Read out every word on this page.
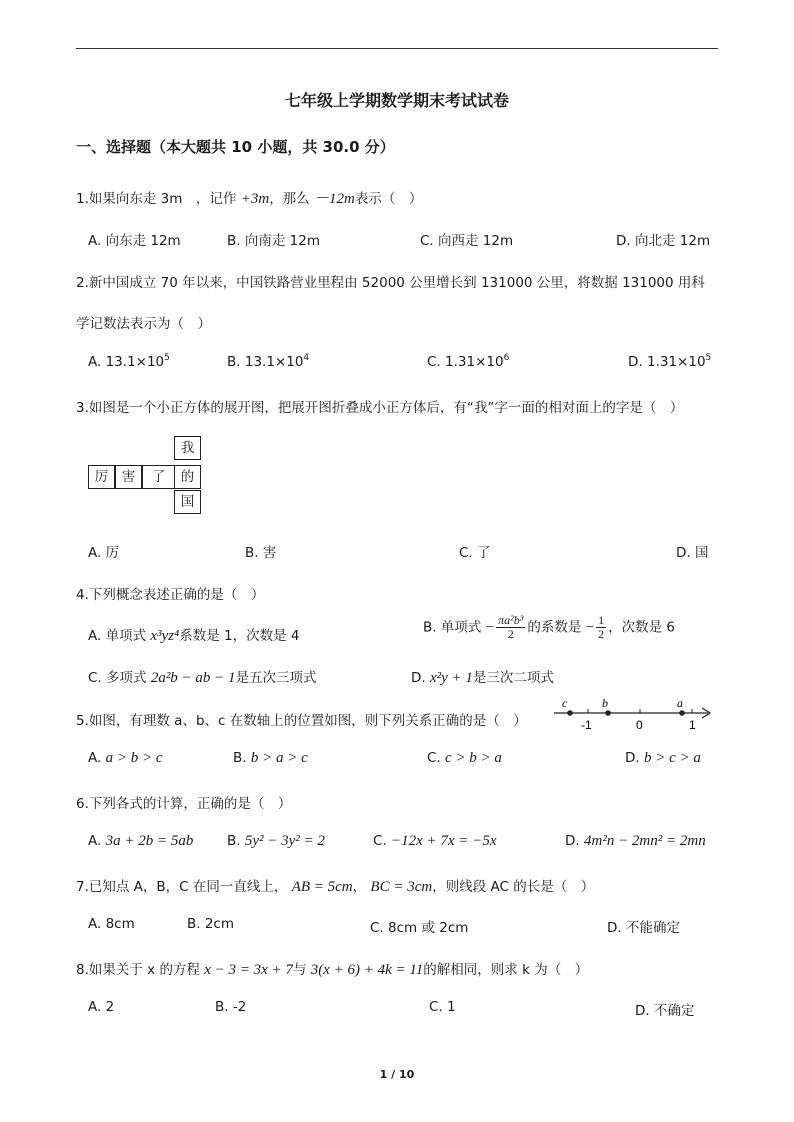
七年级上学期数学期末考试试卷
一、选择题（本大题共 10 小题，共 30.0 分）
1.如果向东走 3m　，记作 +3m，那么 －12m表示（　）
A. 向东走 12m	B. 向南走 12m	C. 向西走 12m	D. 向北走 12m
2.新中国成立 70 年以来，中国铁路营业里程由 52000 公里增长到 131000 公里，将数据 131000 用科
学记数法表示为（　）
A. $13.1\times 10^5$	B. $13.1\times 10^4$	C. $1.31\times 10^6$	D. $1.31\times 10^5$
3.如图是一个小正方体的展开图，把展开图折叠成小正方体后，有“我”字一面的相对面上的字是（　）
我
厉	害	了	的
国
A. 厉	B. 害	C. 了	D. 国
4.下列概念表述正确的是（　）
A. 单项式 x³yz⁴系数是 1，次数是 4
B. 单项式 − $\frac{\text{πa²b³}}{2}$ 的系数是 − $\frac{1}{2}$ ，次数是 6
C. 多项式 2a²b − ab − 1是五次三项式	D. x²y + 1是三次二项式
5.如图，有理数 a、b、c 在数轴上的位置如图，则下列关系正确的是（　）
c	b	a
-1	0	1
A. a > b > c	B. b > a > c	C. c > b > a	D. b > c > a
6.下列各式的计算，正确的是（　）
A. 3a + 2b = 5ab B. 5y² − 3y² = 2	C. −12x + 7x = −5x	D. 4m²n − 2mn² = 2mn
7.已知点 A，B，C 在同一直线上， AB = 5cm， BC = 3cm，则线段 AC 的长是（　）
A. 8cm	B. 2cm	C. 8cm 或 2cm	D. 不能确定
8.如果关于 x 的方程 x − 3 = 3x + 7与 3(x + 6) + 4k = 11的解相同，则求 k 为（　）
A. 2	B. -2	C. 1	D. 不确定
1 / 10
